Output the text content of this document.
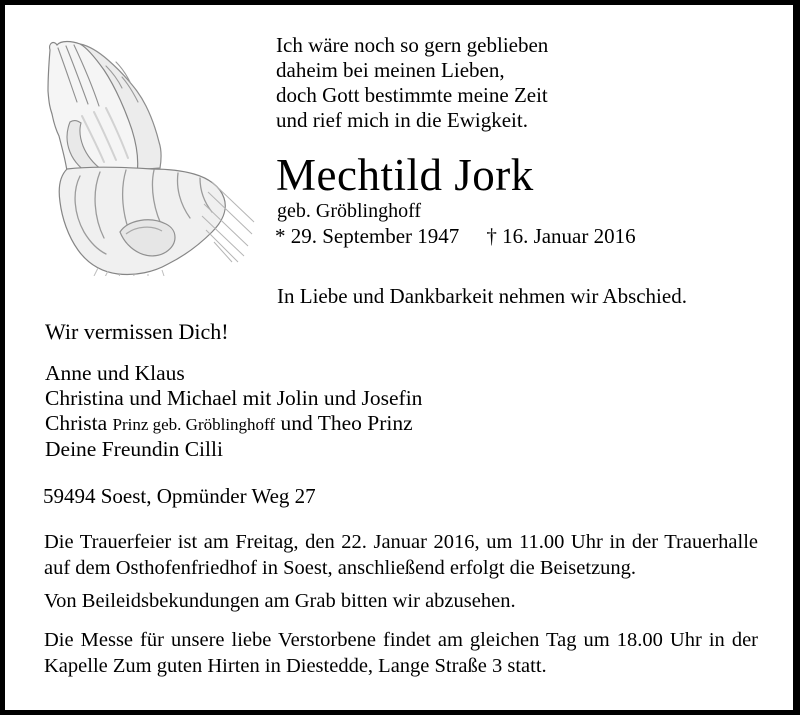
Ich wäre noch so gern geblieben
daheim bei meinen Lieben,
doch Gott bestimmte meine Zeit
und rief mich in die Ewigkeit.
Mechtild Jork
geb. Gröblinghoff
* 29. September 1947 † 16. Januar 2016
In Liebe und Dankbarkeit nehmen wir Abschied.
Wir vermissen Dich!
Anne und Klaus
Christina und Michael mit Jolin und Josefin
Christa Prinz geb. Gröblinghoff und Theo Prinz
Deine Freundin Cilli
59494 Soest, Opmünder Weg 27
Die Trauerfeier ist am Freitag, den 22. Januar 2016, um 11.00 Uhr in der Trauerhalle
auf dem Osthofenfriedhof in Soest, anschließend erfolgt die Beisetzung.
Von Beileidsbekundungen am Grab bitten wir abzusehen.
Die Messe für unsere liebe Verstorbene findet am gleichen Tag um 18.00 Uhr in der
Kapelle Zum guten Hirten in Diestedde, Lange Straße 3 statt.
